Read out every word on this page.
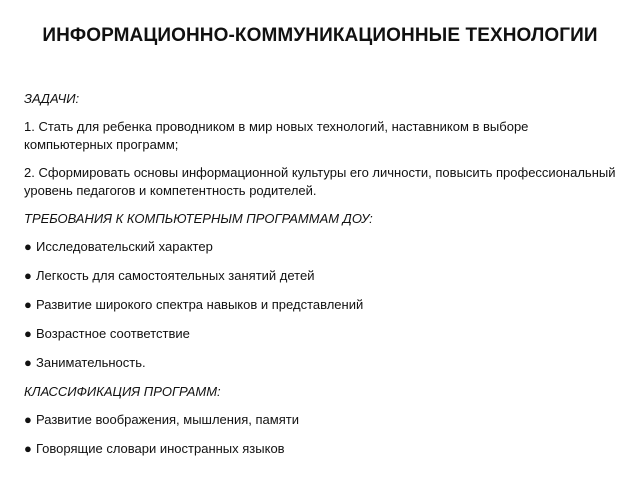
ИНФОРМАЦИОННО-КОММУНИКАЦИОННЫЕ ТЕХНОЛОГИИ

ЗАДАЧИ:

1. Стать для ребенка проводником в мир новых технологий, наставником в выборе компьютерных программ;

2. Сформировать основы информационной культуры его личности, повысить профессиональный уровень педагогов и компетентность родителей.

ТРЕБОВАНИЯ К КОМПЬЮТЕРНЫМ ПРОГРАММАМ ДОУ:

● Исследовательский характер
● Легкость для самостоятельных занятий детей
● Развитие широкого спектра навыков и представлений
● Возрастное соответствие
● Занимательность.

КЛАССИФИКАЦИЯ ПРОГРАММ:

● Развитие воображения, мышления, памяти
● Говорящие словари иностранных языков
